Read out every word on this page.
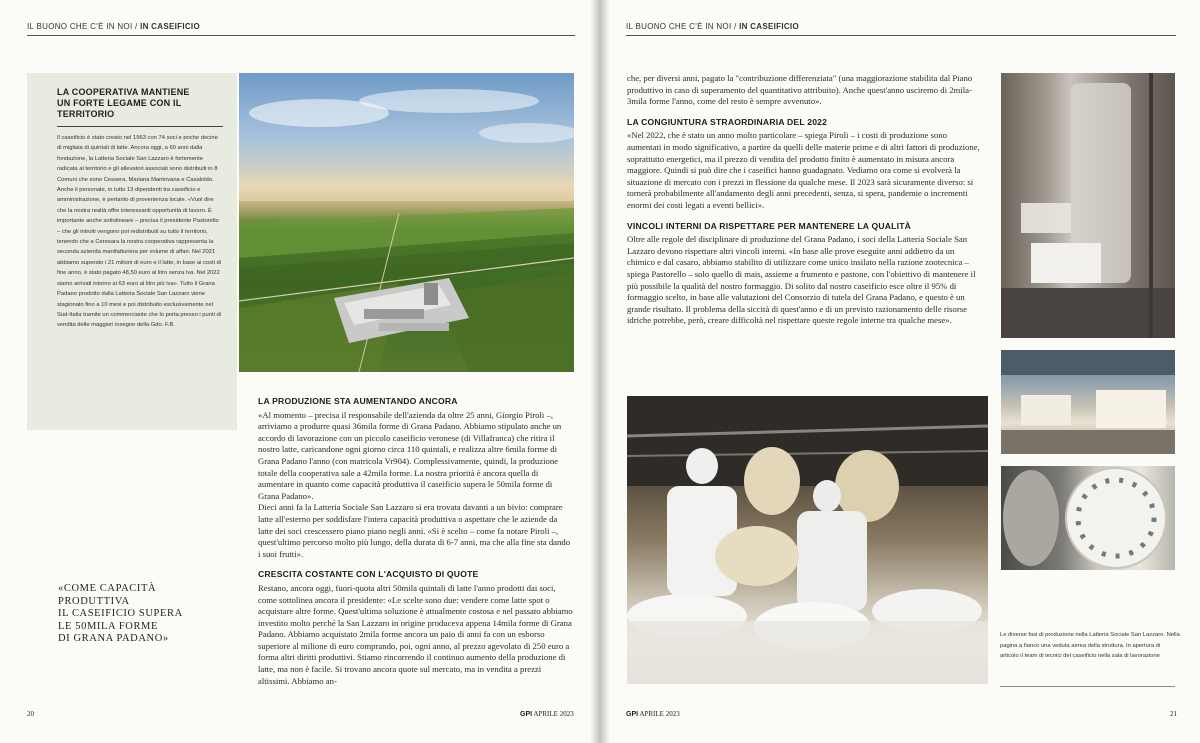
IL BUONO CHE C'È IN NOI / IN CASEIFICIO
LA COOPERATIVA MANTIENE
UN FORTE LEGAME CON IL TERRITORIO

Il caseificio è stato creato nel 1963 con 74 soci e poche decine di migliaia di quintali di latte. Ancora oggi, a 60 anni dalla fondazione, la Latteria Sociale San Lazzaro è fortemente radicata al territorio e gli allevatori associati sono distribuiti in 8 Comuni che sono Cessera, Mariana Mantovana e Casaloldo. Anche il personale, in tutto 13 dipendenti tra caseificio e amministrazione, è pertanto di provenienza locale. «Vuol dire che la nostra realtà offre interessanti opportunità di lavoro. È importante anche sottolineare – precisa il presidente Pastorello – che gli introiti vengono poi redistribuiti su tutto il territorio, tenendo che a Ceresara la nostra cooperativa rappresenta la seconda azienda manifatturiera per volume di affari. Nel 2021 abbiamo superato i 21 milioni di euro e il latte, in base ai costi di fine anno, è stato pagato 48,50 euro al litro senza iva. Nel 2022 siamo arrivati intorno ai 63 euro al litro più iva». Tutto il Grana Padano prodotto dalla Latteria Sociale San Lazzaro viene stagionato fino a 10 mesi e poi distribuito esclusivamente nel Sud-Italia tramite un commerciante che lo porta presso i punti di vendita delle maggiori insegne della Gdo. F.B.

LA PRODUZIONE STA AUMENTANDO ANCORA

«Al momento – precisa il responsabile dell'azienda da oltre 25 anni, Giorgio Piroli –, arriviamo a produrre quasi 36mila forme di Grana Padano. Abbiamo stipulato anche un accordo di lavorazione con un piccolo caseificio veronese (di Villafranca) che ritira il nostro latte, caricandone ogni giorno circa 110 quintali, e realizza altre 6mila forme di Grana Padano l'anno (con matricola Vr904). Complessivamente, quindi, la produzione totale della cooperativa sale a 42mila forme. La nostra priorità è ancora quella di aumentare in quanto come capacità produttiva il caseificio supera le 50mila forme di Grana Padano».

Dieci anni fa la Latteria Sociale San Lazzaro si era trovata davanti a un bivio: comprare latte all'esterno per soddisfare l'intera capacità produttiva o aspettare che le aziende da latte dei soci crescessero piano piano negli anni. «Si è scelto – come fa notare Piroli –, quest'ultimo percorso molto più lungo, della durata di 6-7 anni, ma che alla fine sta dando i suoi frutti».

CRESCITA COSTANTE CON L'ACQUISTO DI QUOTE

Restano, ancora oggi, fuori-quota altri 50mila quintali di latte l'anno prodotti dai soci, come sottolinea ancora il presidente: «Le scelte sono due: vendere come latte spot o acquistare altre forme. Quest'ultima soluzione è attualmente costosa e nel passato abbiamo investito molto perché la San Lazzaro in origine produceva appena 14mila forme di Grana Padano. Abbiamo acquistato 2mila forme ancora un paio di anni fa con un esborso superiore al milione di euro comprando, poi, ogni anno, al prezzo agevolato di 250 euro a forma altri diritti produttivi. Stiamo rincorrendo il continuo aumento della produzione di latte, ma non è facile. Si trovano ancora quote sul mercato, ma in vendita a prezzi altissimi. Abbiamo an-

«COME CAPACITÀ
PRODUTTIVA
IL CASEIFICIO SUPERA
LE 50MILA FORME
DI GRANA PADANO»
20	GPI APRILE 2023
IL BUONO CHE C'È IN NOI / IN CASEIFICIO
GPI APRILE 2023	21

che, per diversi anni, pagato la "contribuzione differenziata" (una maggiorazione stabilita dal Piano produttivo in caso di superamento del quantitativo attribuito). Anche quest'anno usciremo di 2mila-3mila forme l'anno, come del resto è sempre avvenuto».

LA CONGIUNTURA STRAORDINARIA DEL 2022

«Nel 2022, che è stato un anno molto particolare – spiega Piroli – i costi di produzione sono aumentati in modo significativo, a partire da quelli delle materie prime e di altri fattori di produzione, soprattutto energetici, ma il prezzo di vendita del prodotto finito è aumentato in misura ancora maggiore. Quindi si può dire che i caseifici hanno guadagnato. Vediamo ora come si evolverà la situazione di mercato con i prezzi in flessione da qualche mese. Il 2023 sarà sicuramente diverso: si tornerà probabilmente all'andamento degli anni precedenti, senza, si spera, pandemie o incrementi enormi dei costi legati a eventi bellici».

VINCOLI INTERNI DA RISPETTARE PER MANTENERE LA QUALITÀ

Oltre alle regole del disciplinare di produzione del Grana Padano, i soci della Latteria Sociale San Lazzaro devono rispettare altri vincoli interni. «In base alle prove eseguite anni addietro da un chimico e dal casaro, abbiamo stabilito di utilizzare come unico insilato nella razione zootecnica – spiega Pastorello – solo quello di mais, assieme a frumento e pastone, con l'obiettivo di mantenere il più possibile la qualità del nostro formaggio. Di solito dal nostro caseificio esce oltre il 95% di formaggio scelto, in base alle valutazioni del Consorzio di tutela del Grana Padano, e questo è un grande risultato. Il problema della siccità di quest'anno e di un previsto razionamento delle risorse idriche potrebbe, però, creare difficoltà nel rispettare queste regole interne tra qualche mese».

Le diverse fasi di produzione nella Latteria Sociale San Lazzaro. Nella pagina a fianco una veduta aerea della struttura. In apertura di articolo il team di tecnici del caseificio nella sala di lavorazione
